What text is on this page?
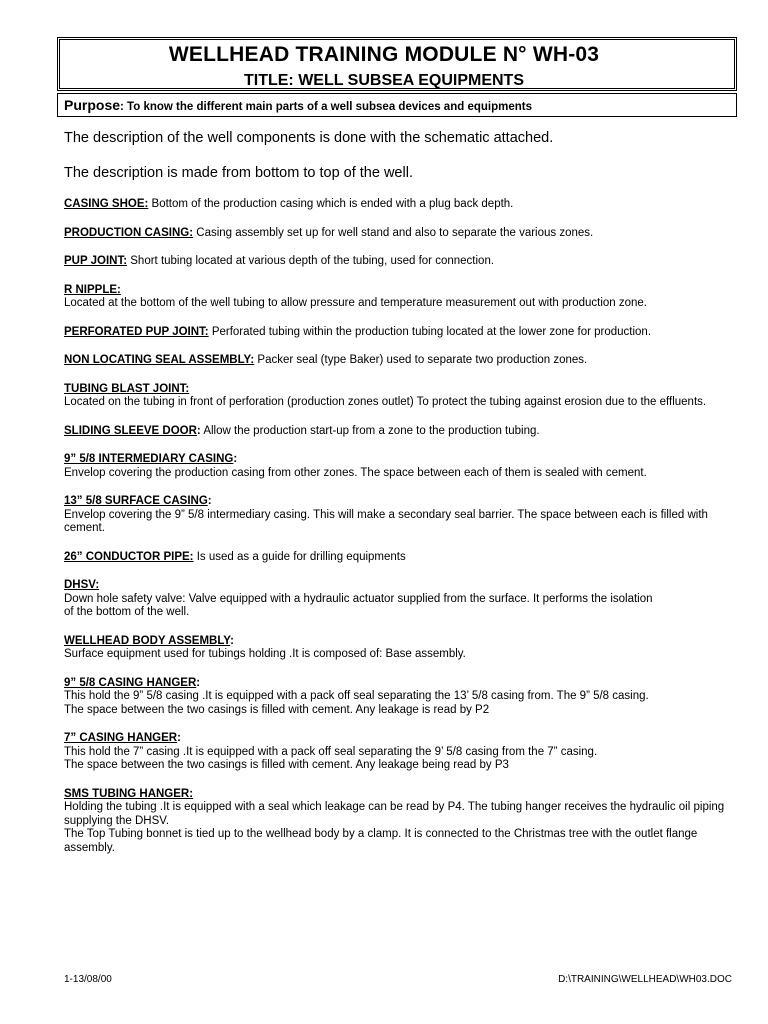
WELLHEAD TRAINING MODULE N° WH-03
TITLE: WELL SUBSEA EQUIPMENTS
Purpose: To know the different main parts of a well subsea devices and equipments

The description of the well components is done with the schematic attached.

The description is made from bottom to top of the well.

CASING SHOE: Bottom of the production casing which is ended with a plug back depth.

PRODUCTION CASING: Casing assembly set up for well stand and also to separate the various zones.

PUP JOINT: Short tubing located at various depth of the tubing, used for connection.

R NIPPLE:
Located at the bottom of the well tubing to allow pressure and temperature measurement out with production zone.

PERFORATED PUP JOINT: Perforated tubing within the production tubing located at the lower zone for production.

NON LOCATING SEAL ASSEMBLY: Packer seal (type Baker) used to separate two production zones.

TUBING BLAST JOINT:
Located on the tubing in front of perforation (production zones outlet) To protect the tubing against erosion due to the effluents.

SLIDING SLEEVE DOOR: Allow the production start-up from a zone to the production tubing.

9” 5/8 INTERMEDIARY CASING:
Envelop covering the production casing from other zones. The space between each of them is sealed with cement.

13” 5/8 SURFACE CASING:
Envelop covering the 9” 5/8 intermediary casing. This will make a secondary seal barrier. The space between each is filled with cement.

26” CONDUCTOR PIPE: Is used as a guide for drilling equipments

DHSV:
Down hole safety valve: Valve equipped with a hydraulic actuator supplied from the surface. It performs the isolation
of the bottom of the well.

WELLHEAD BODY ASSEMBLY:
Surface equipment used for tubings holding .It is composed of: Base assembly.

9” 5/8 CASING HANGER:
This hold the 9” 5/8 casing .It is equipped with a pack off seal separating the 13’ 5/8 casing from. The 9” 5/8 casing.
The space between the two casings is filled with cement. Any leakage is read by P2

7” CASING HANGER:
This hold the 7” casing .It is equipped with a pack off seal separating the 9’ 5/8 casing from the 7” casing.
The space between the two casings is filled with cement. Any leakage being read by P3

SMS TUBING HANGER:
Holding the tubing .It is equipped with a seal which leakage can be read by P4. The tubing hanger receives the hydraulic oil piping supplying the DHSV.
The Top Tubing bonnet is tied up to the wellhead body by a clamp. It is connected to the Christmas tree with the outlet flange assembly.

1-13/08/00	D:\TRAINING\WELLHEAD\WH03.DOC
